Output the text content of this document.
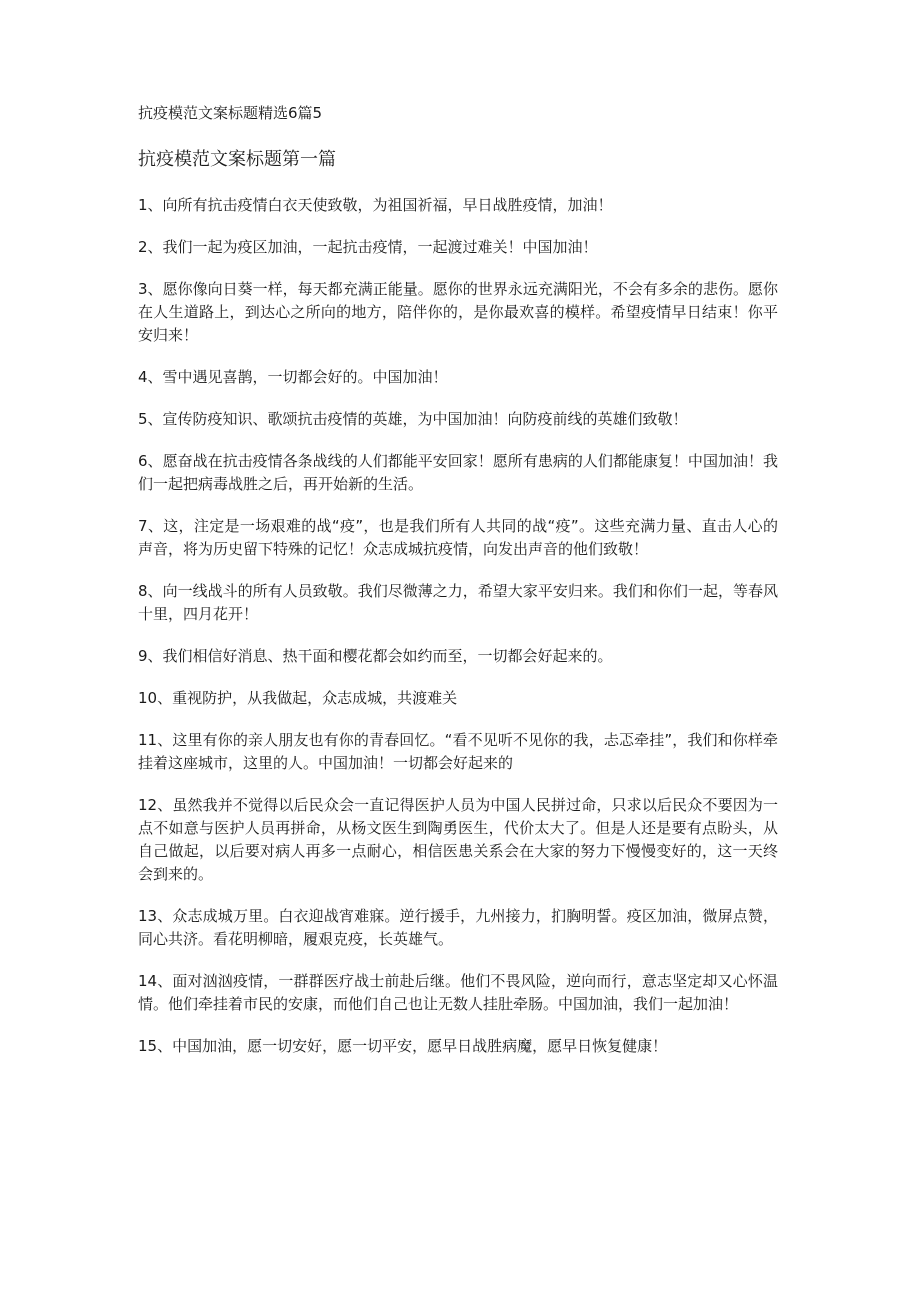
抗疫模范文案标题精选6篇5
抗疫模范文案标题第一篇

1、向所有抗击疫情白衣天使致敬，为祖国祈福，早日战胜疫情，加油！

2、我们一起为疫区加油，一起抗击疫情，一起渡过难关！中国加油！

3、愿你像向日葵一样，每天都充满正能量。愿你的世界永远充满阳光，不会有多余的悲伤。愿你在人生道路上，到达心之所向的地方，陪伴你的，是你最欢喜的模样。希望疫情早日结束！你平安归来！

4、雪中遇见喜鹊，一切都会好的。中国加油！

5、宣传防疫知识、歌颂抗击疫情的英雄，为中国加油！向防疫前线的英雄们致敬！

6、愿奋战在抗击疫情各条战线的人们都能平安回家！愿所有患病的人们都能康复！中国加油！我们一起把病毒战胜之后，再开始新的生活。

7、这，注定是一场艰难的战“疫”，也是我们所有人共同的战“疫”。这些充满力量、直击人心的声音，将为历史留下特殊的记忆！众志成城抗疫情，向发出声音的他们致敬！

8、向一线战斗的所有人员致敬。我们尽微薄之力，希望大家平安归来。我们和你们一起，等春风十里，四月花开！

9、我们相信好消息、热干面和樱花都会如约而至，一切都会好起来的。

10、重视防护，从我做起，众志成城，共渡难关

11、这里有你的亲人朋友也有你的青春回忆。“看不见听不见你的我，忐忑牵挂”，我们和你样牵挂着这座城市，这里的人。中国加油！一切都会好起来的

12、虽然我并不觉得以后民众会一直记得医护人员为中国人民拼过命，只求以后民众不要因为一点不如意与医护人员再拼命，从杨文医生到陶勇医生，代价太大了。但是人还是要有点盼头，从自己做起，以后要对病人再多一点耐心，相信医患关系会在大家的努力下慢慢变好的，这一天终会到来的。

13、众志成城万里。白衣迎战宵难寐。逆行援手，九州接力，扪胸明誓。疫区加油，微屏点赞，同心共济。看花明柳暗，履艰克疫，长英雄气。

14、面对汹汹疫情，一群群医疗战士前赴后继。他们不畏风险，逆向而行，意志坚定却又心怀温情。他们牵挂着市民的安康，而他们自己也让无数人挂肚牵肠。中国加油，我们一起加油！

15、中国加油，愿一切安好，愿一切平安，愿早日战胜病魔，愿早日恢复健康！
